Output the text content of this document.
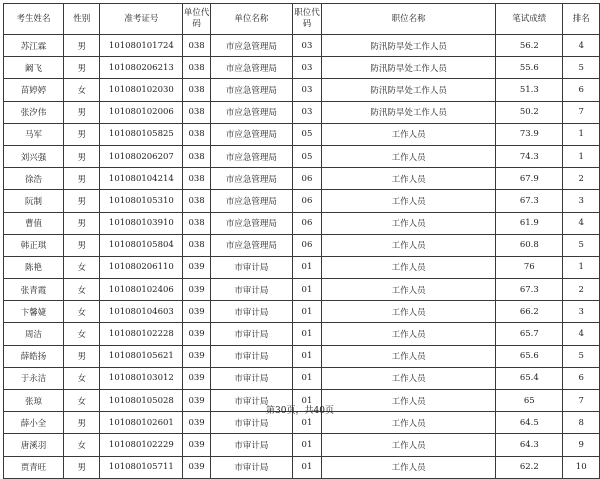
考生姓名	性别	准考证号	单位代码	单位名称	职位代码	职位名称	笔试成绩	排名
苏江霖	男	101080101724	038	市应急管理局	03	防汛防旱处工作人员	56.2	4
阚飞	男	101080206213	038	市应急管理局	03	防汛防旱处工作人员	55.6	5
苗婷婷	女	101080102030	038	市应急管理局	03	防汛防旱处工作人员	51.3	6
张汐伟	男	101080102006	038	市应急管理局	03	防汛防旱处工作人员	50.2	7
马军	男	101080105825	038	市应急管理局	05	工作人员	73.9	1
刘兴强	男	101080206207	038	市应急管理局	05	工作人员	74.3	1
徐浩	男	101080104214	038	市应急管理局	06	工作人员	67.9	2
阮制	男	101080105310	038	市应急管理局	06	工作人员	67.3	3
曹值	男	101080103910	038	市应急管理局	06	工作人员	61.9	4
韩正琪	男	101080105804	038	市应急管理局	06	工作人员	60.8	5
陈艳	女	101080206110	039	市审计局	01	工作人员	76	1
张青霞	女	101080102406	039	市审计局	01	工作人员	67.3	2
卞馨婕	女	101080104603	039	市审计局	01	工作人员	66.2	3
周洁	女	101080102228	039	市审计局	01	工作人员	65.7	4
薛皓扬	男	101080105621	039	市审计局	01	工作人员	65.6	5
于永洁	女	101080103012	039	市审计局	01	工作人员	65.4	6
张琼	女	101080105028	039	市审计局	01	工作人员	65	7
薛小全	男	101080102601	039	市审计局	01	工作人员	64.5	8
唐溪羽	女	101080102229	039	市审计局	01	工作人员	64.3	9
贾青旺	男	101080105711	039	市审计局	01	工作人员	62.2	10
第30页，共40页
